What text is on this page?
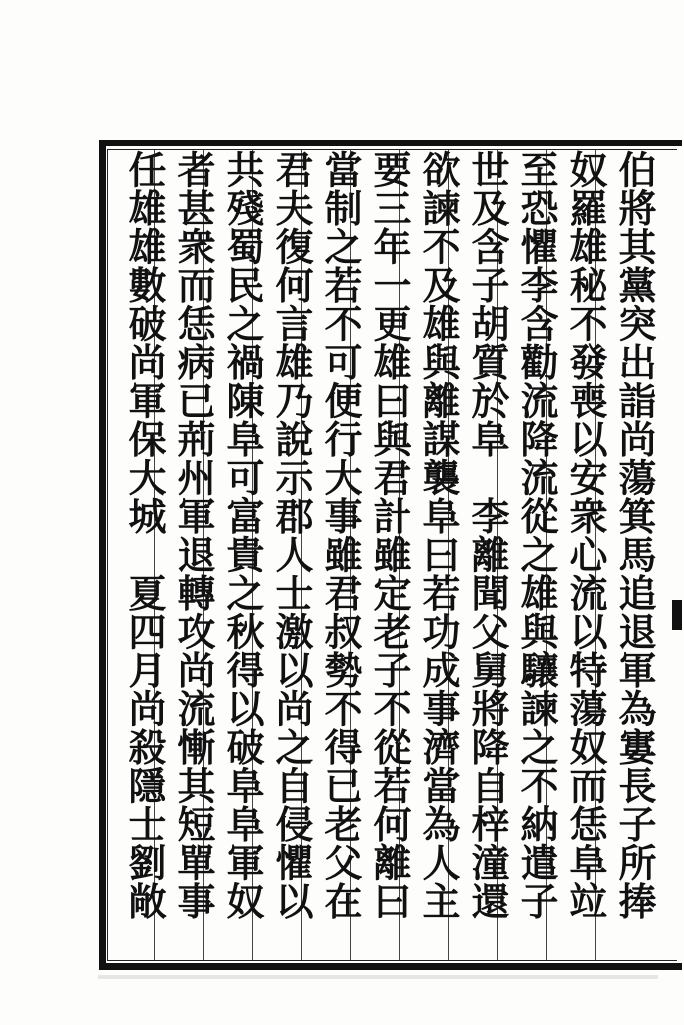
伯將其黨突出詣尚蕩箕馬追退軍為寠長子所捧
奴羅雄秘不發喪以安衆心流以特蕩奴而恁阜竝
至恐懼李含勸流降流從之雄與驤諫之不納遣子
世及含子胡質於阜　李離聞父舅將降自梓潼還
欲諫不及雄與離謀襲阜曰若功成事濟當為人主
要三年一更雄曰與君計雖定老子不從若何離曰
當制之若不可便行大事雖君叔勢不得已老父在
君夫復何言雄乃說示郡人士激以尚之自侵懼以
共殘蜀民之禍陳阜可富貴之秋得以破阜阜軍奴
者甚衆而恁病已荊州軍退轉攻尚流慚其短單事
任雄雄數破尚軍保大城　夏四月尚殺隱士劉敞
